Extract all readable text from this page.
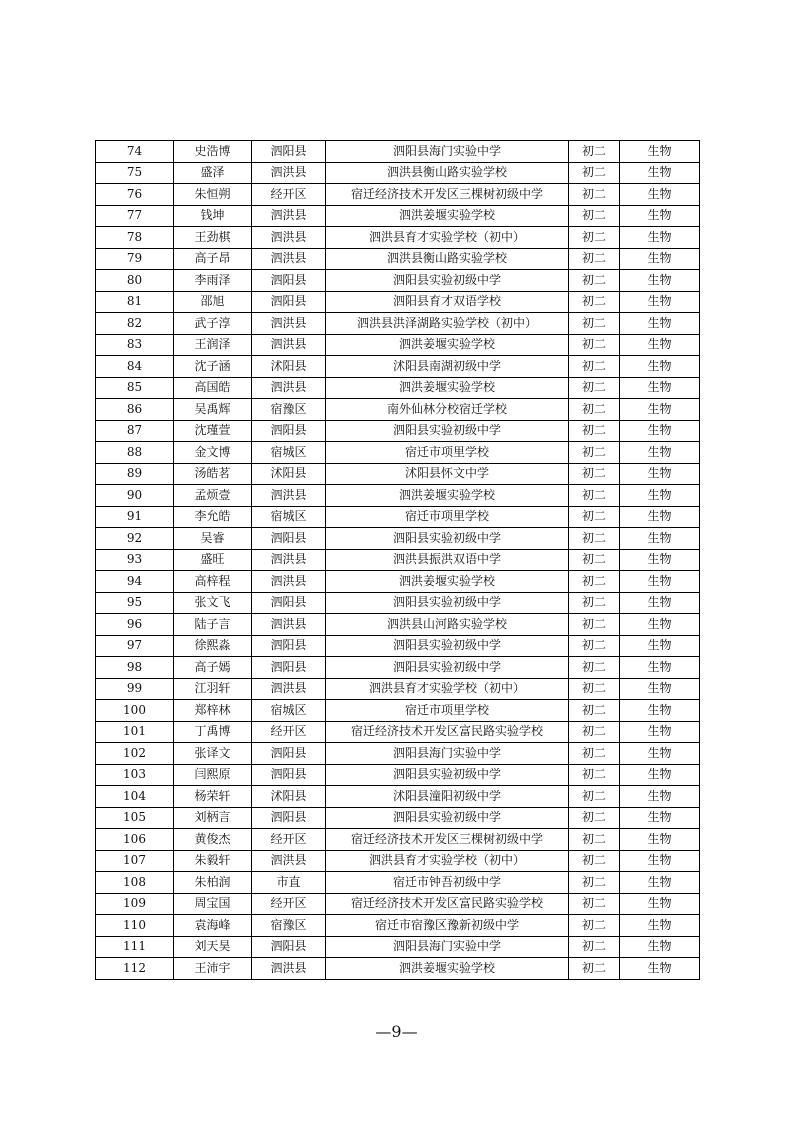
74	史浩博	泗阳县	泗阳县海门实验中学	初二	生物
75	盛泽	泗洪县	泗洪县衡山路实验学校	初二	生物
76	朱恒朔	经开区	宿迁经济技术开发区三棵树初级中学	初二	生物
77	钱坤	泗洪县	泗洪姜堰实验学校	初二	生物
78	王劲棋	泗洪县	泗洪县育才实验学校（初中）	初二	生物
79	高子昂	泗洪县	泗洪县衡山路实验学校	初二	生物
80	李雨泽	泗阳县	泗阳县实验初级中学	初二	生物
81	邵旭	泗阳县	泗阳县育才双语学校	初二	生物
82	武子淳	泗洪县	泗洪县洪泽湖路实验学校（初中）	初二	生物
83	王润泽	泗洪县	泗洪姜堰实验学校	初二	生物
84	沈子涵	沭阳县	沭阳县南湖初级中学	初二	生物
85	高国皓	泗洪县	泗洪姜堰实验学校	初二	生物
86	吴禹辉	宿豫区	南外仙林分校宿迁学校	初二	生物
87	沈瑾萱	泗阳县	泗阳县实验初级中学	初二	生物
88	金文博	宿城区	宿迁市项里学校	初二	生物
89	汤皓茗	沭阳县	沭阳县怀文中学	初二	生物
90	孟烦壹	泗洪县	泗洪姜堰实验学校	初二	生物
91	李允皓	宿城区	宿迁市项里学校	初二	生物
92	吴睿	泗阳县	泗阳县实验初级中学	初二	生物
93	盛旺	泗洪县	泗洪县振洪双语中学	初二	生物
94	高梓程	泗洪县	泗洪姜堰实验学校	初二	生物
95	张文飞	泗阳县	泗阳县实验初级中学	初二	生物
96	陆子言	泗洪县	泗洪县山河路实验学校	初二	生物
97	徐熙淼	泗阳县	泗阳县实验初级中学	初二	生物
98	高子嫣	泗阳县	泗阳县实验初级中学	初二	生物
99	江羽轩	泗洪县	泗洪县育才实验学校（初中）	初二	生物
100	郑梓林	宿城区	宿迁市项里学校	初二	生物
101	丁禹博	经开区	宿迁经济技术开发区富民路实验学校	初二	生物
102	张译文	泗阳县	泗阳县海门实验中学	初二	生物
103	闫熙原	泗阳县	泗阳县实验初级中学	初二	生物
104	杨荣轩	沭阳县	沭阳县潼阳初级中学	初二	生物
105	刘柄言	泗阳县	泗阳县实验初级中学	初二	生物
106	黄俊杰	经开区	宿迁经济技术开发区三棵树初级中学	初二	生物
107	朱毅轩	泗洪县	泗洪县育才实验学校（初中）	初二	生物
108	朱柏润	市直	宿迁市钟吾初级中学	初二	生物
109	周宝国	经开区	宿迁经济技术开发区富民路实验学校	初二	生物
110	袁海峰	宿豫区	宿迁市宿豫区豫新初级中学	初二	生物
111	刘天昊	泗阳县	泗阳县海门实验中学	初二	生物
112	王沛宇	泗洪县	泗洪姜堰实验学校	初二	生物
—9—
